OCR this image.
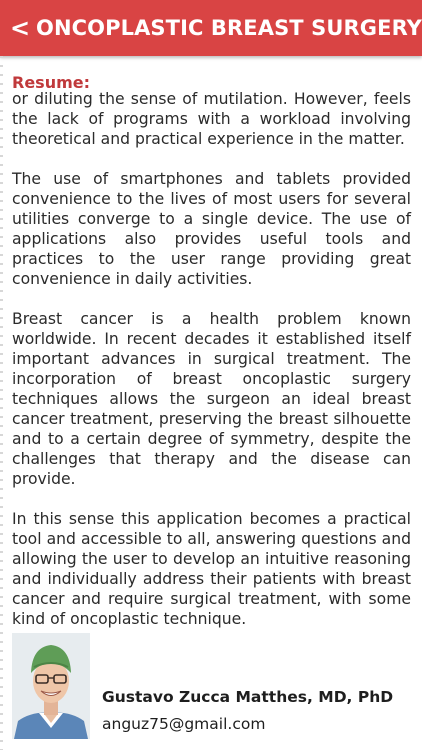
< ONCOPLASTIC BREAST SURGERY
Resume:

or diluting the sense of mutilation. However, feels the lack of programs with a workload involving theoretical and practical experience in the matter.

The use of smartphones and tablets provided convenience to the lives of most users for several utilities converge to a single device. The use of applications also provides useful tools and practices to the user range providing great convenience in daily activities.

Breast cancer is a health problem known worldwide. In recent decades it established itself important advances in surgical treatment. The incorporation of breast oncoplastic surgery techniques allows the surgeon an ideal breast cancer treatment, preserving the breast silhouette and to a certain degree of symmetry, despite the challenges that therapy and the disease can provide.

In this sense this application becomes a practical tool and accessible to all, answering questions and allowing the user to develop an intuitive reasoning and individually address their patients with breast cancer and require surgical treatment, with some kind of oncoplastic technique.

Gustavo Zucca Matthes, MD, PhD
anguz75@gmail.com
